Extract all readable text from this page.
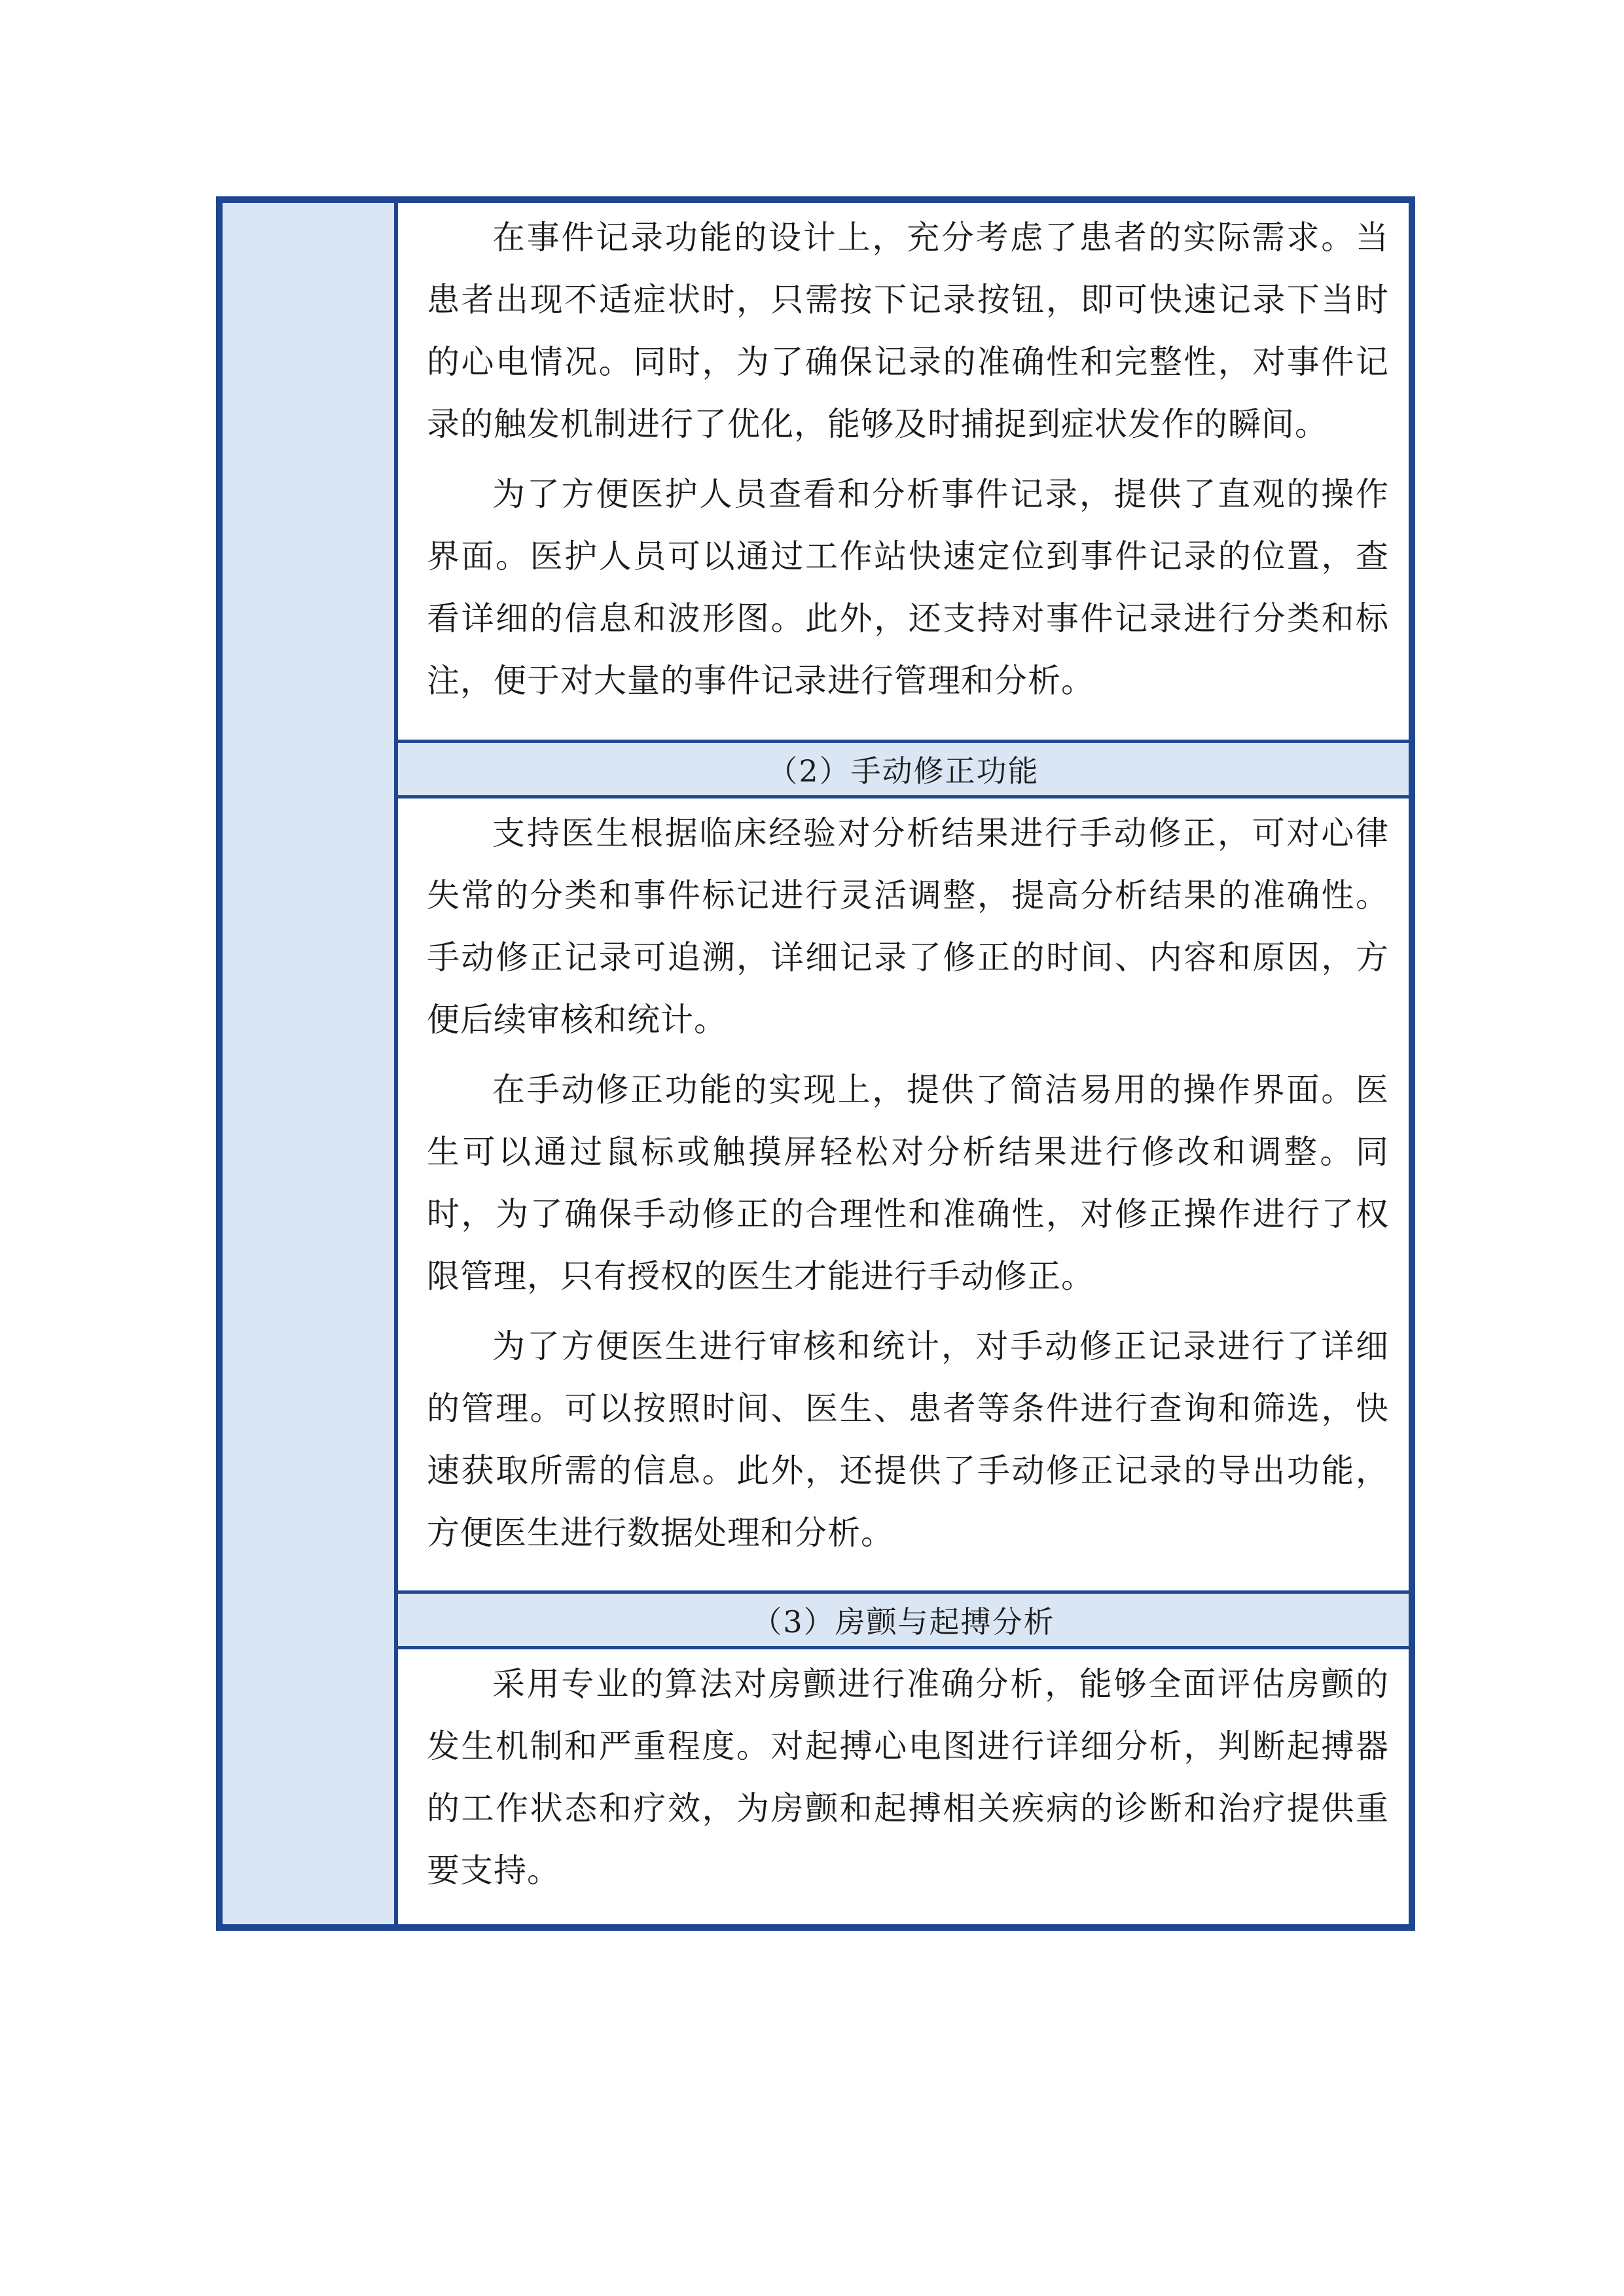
在事件记录功能的设计上，充分考虑了患者的实际需求。当患者出现不适症状时，只需按下记录按钮，即可快速记录下当时的心电情况。同时，为了确保记录的准确性和完整性，对事件记录的触发机制进行了优化，能够及时捕捉到症状发作的瞬间。

为了方便医护人员查看和分析事件记录，提供了直观的操作界面。医护人员可以通过工作站快速定位到事件记录的位置，查看详细的信息和波形图。此外，还支持对事件记录进行分类和标注，便于对大量的事件记录进行管理和分析。

（2）手动修正功能

支持医生根据临床经验对分析结果进行手动修正，可对心律失常的分类和事件标记进行灵活调整，提高分析结果的准确性。手动修正记录可追溯，详细记录了修正的时间、内容和原因，方便后续审核和统计。

在手动修正功能的实现上，提供了简洁易用的操作界面。医生可以通过鼠标或触摸屏轻松对分析结果进行修改和调整。同时，为了确保手动修正的合理性和准确性，对修正操作进行了权限管理，只有授权的医生才能进行手动修正。

为了方便医生进行审核和统计，对手动修正记录进行了详细的管理。可以按照时间、医生、患者等条件进行查询和筛选，快速获取所需的信息。此外，还提供了手动修正记录的导出功能，方便医生进行数据处理和分析。

（3）房颤与起搏分析

采用专业的算法对房颤进行准确分析，能够全面评估房颤的发生机制和严重程度。对起搏心电图进行详细分析，判断起搏器的工作状态和疗效，为房颤和起搏相关疾病的诊断和治疗提供重要支持。
